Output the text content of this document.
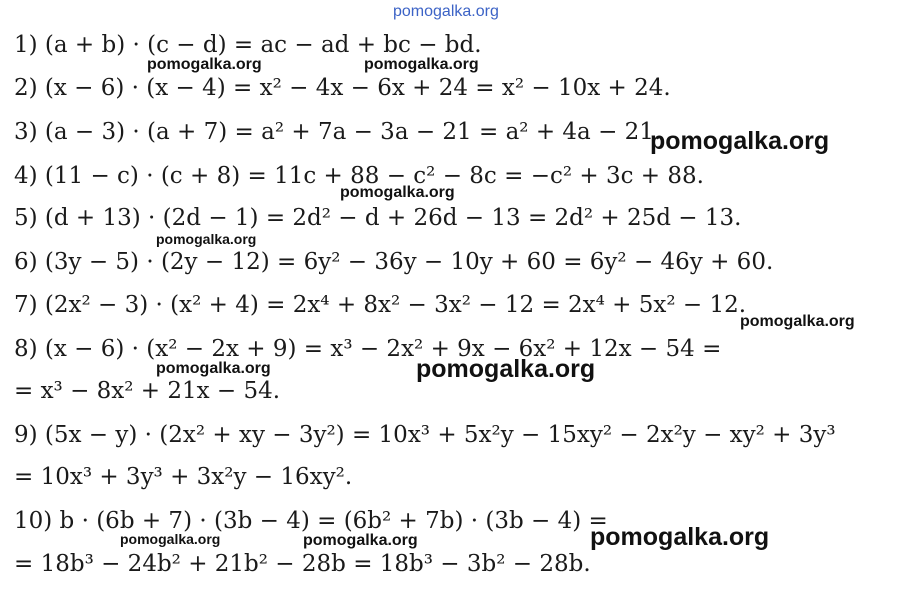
pomogalka.org
1) (a + b) · (c − d) = ac − ad + bc − bd.
2) (x − 6) · (x − 4) = x² − 4x − 6x + 24 = x² − 10x + 24.
3) (a − 3) · (a + 7) = a² + 7a − 3a − 21 = a² + 4a − 21.
4) (11 − c) · (c + 8) = 11c + 88 − c² − 8c = −c² + 3c + 88.
5) (d + 13) · (2d − 1) = 2d² − d + 26d − 13 = 2d² + 25d − 13.
6) (3y − 5) · (2y − 12) = 6y² − 36y − 10y + 60 = 6y² − 46y + 60.
7) (2x² − 3) · (x² + 4) = 2x⁴ + 8x² − 3x² − 12 = 2x⁴ + 5x² − 12.
8) (x − 6) · (x² − 2x + 9) = x³ − 2x² + 9x − 6x² + 12x − 54 =
= x³ − 8x² + 21x − 54.
9) (5x − y) · (2x² + xy − 3y²) = 10x³ + 5x²y − 15xy² − 2x²y − xy² + 3y³
= 10x³ + 3y³ + 3x²y − 16xy².
10) b · (6b + 7) · (3b − 4) = (6b² + 7b) · (3b − 4) =
= 18b³ − 24b² + 21b² − 28b = 18b³ − 3b² − 28b.
pomogalka.org	pomogalka.org
pomogalka.org
pomogalka.org
pomogalka.org
pomogalka.org
pomogalka.org	pomogalka.org
pomogalka.org	pomogalka.org	pomogalka.org
